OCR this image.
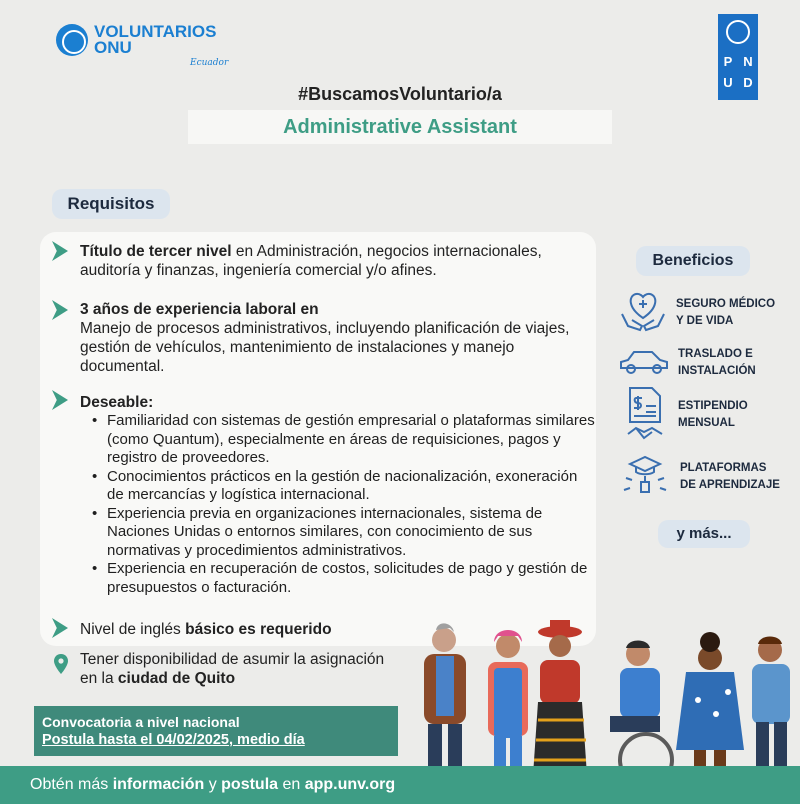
VOLUNTARIOS
ONU
Ecuador	P N
U D
#BuscamosVoluntario/a
Administrative Assistant
Requisitos
Título de tercer nivel en Administración, negocios internacionales, auditoría y finanzas, ingeniería comercial y/o afines.
3 años de experiencia laboral en
Manejo de procesos administrativos, incluyendo planificación de viajes, gestión de vehículos, mantenimiento de instalaciones y manejo documental.
Deseable:
• Familiaridad con sistemas de gestión empresarial o plataformas similares (como Quantum), especialmente en áreas de requisiciones, pagos y registro de proveedores.
• Conocimientos prácticos en la gestión de nacionalización, exoneración de mercancías y logística internacional.
• Experiencia previa en organizaciones internacionales, sistema de Naciones Unidas o entornos similares, con conocimiento de sus normativas y procedimientos administrativos.
• Experiencia en recuperación de costos, solicitudes de pago y gestión de presupuestos o facturación.
Nivel de inglés básico es requerido
Tener disponibilidad de asumir la asignación
en la ciudad de Quito
Beneficios
SEGURO MÉDICO
Y DE VIDA
TRASLADO E
INSTALACIÓN
ESTIPENDIO
MENSUAL
PLATAFORMAS
DE APRENDIZAJE
y más...
Convocatoria a nivel nacional
Postula hasta el 04/02/2025, medio día
Obtén más información y postula en app.unv.org
